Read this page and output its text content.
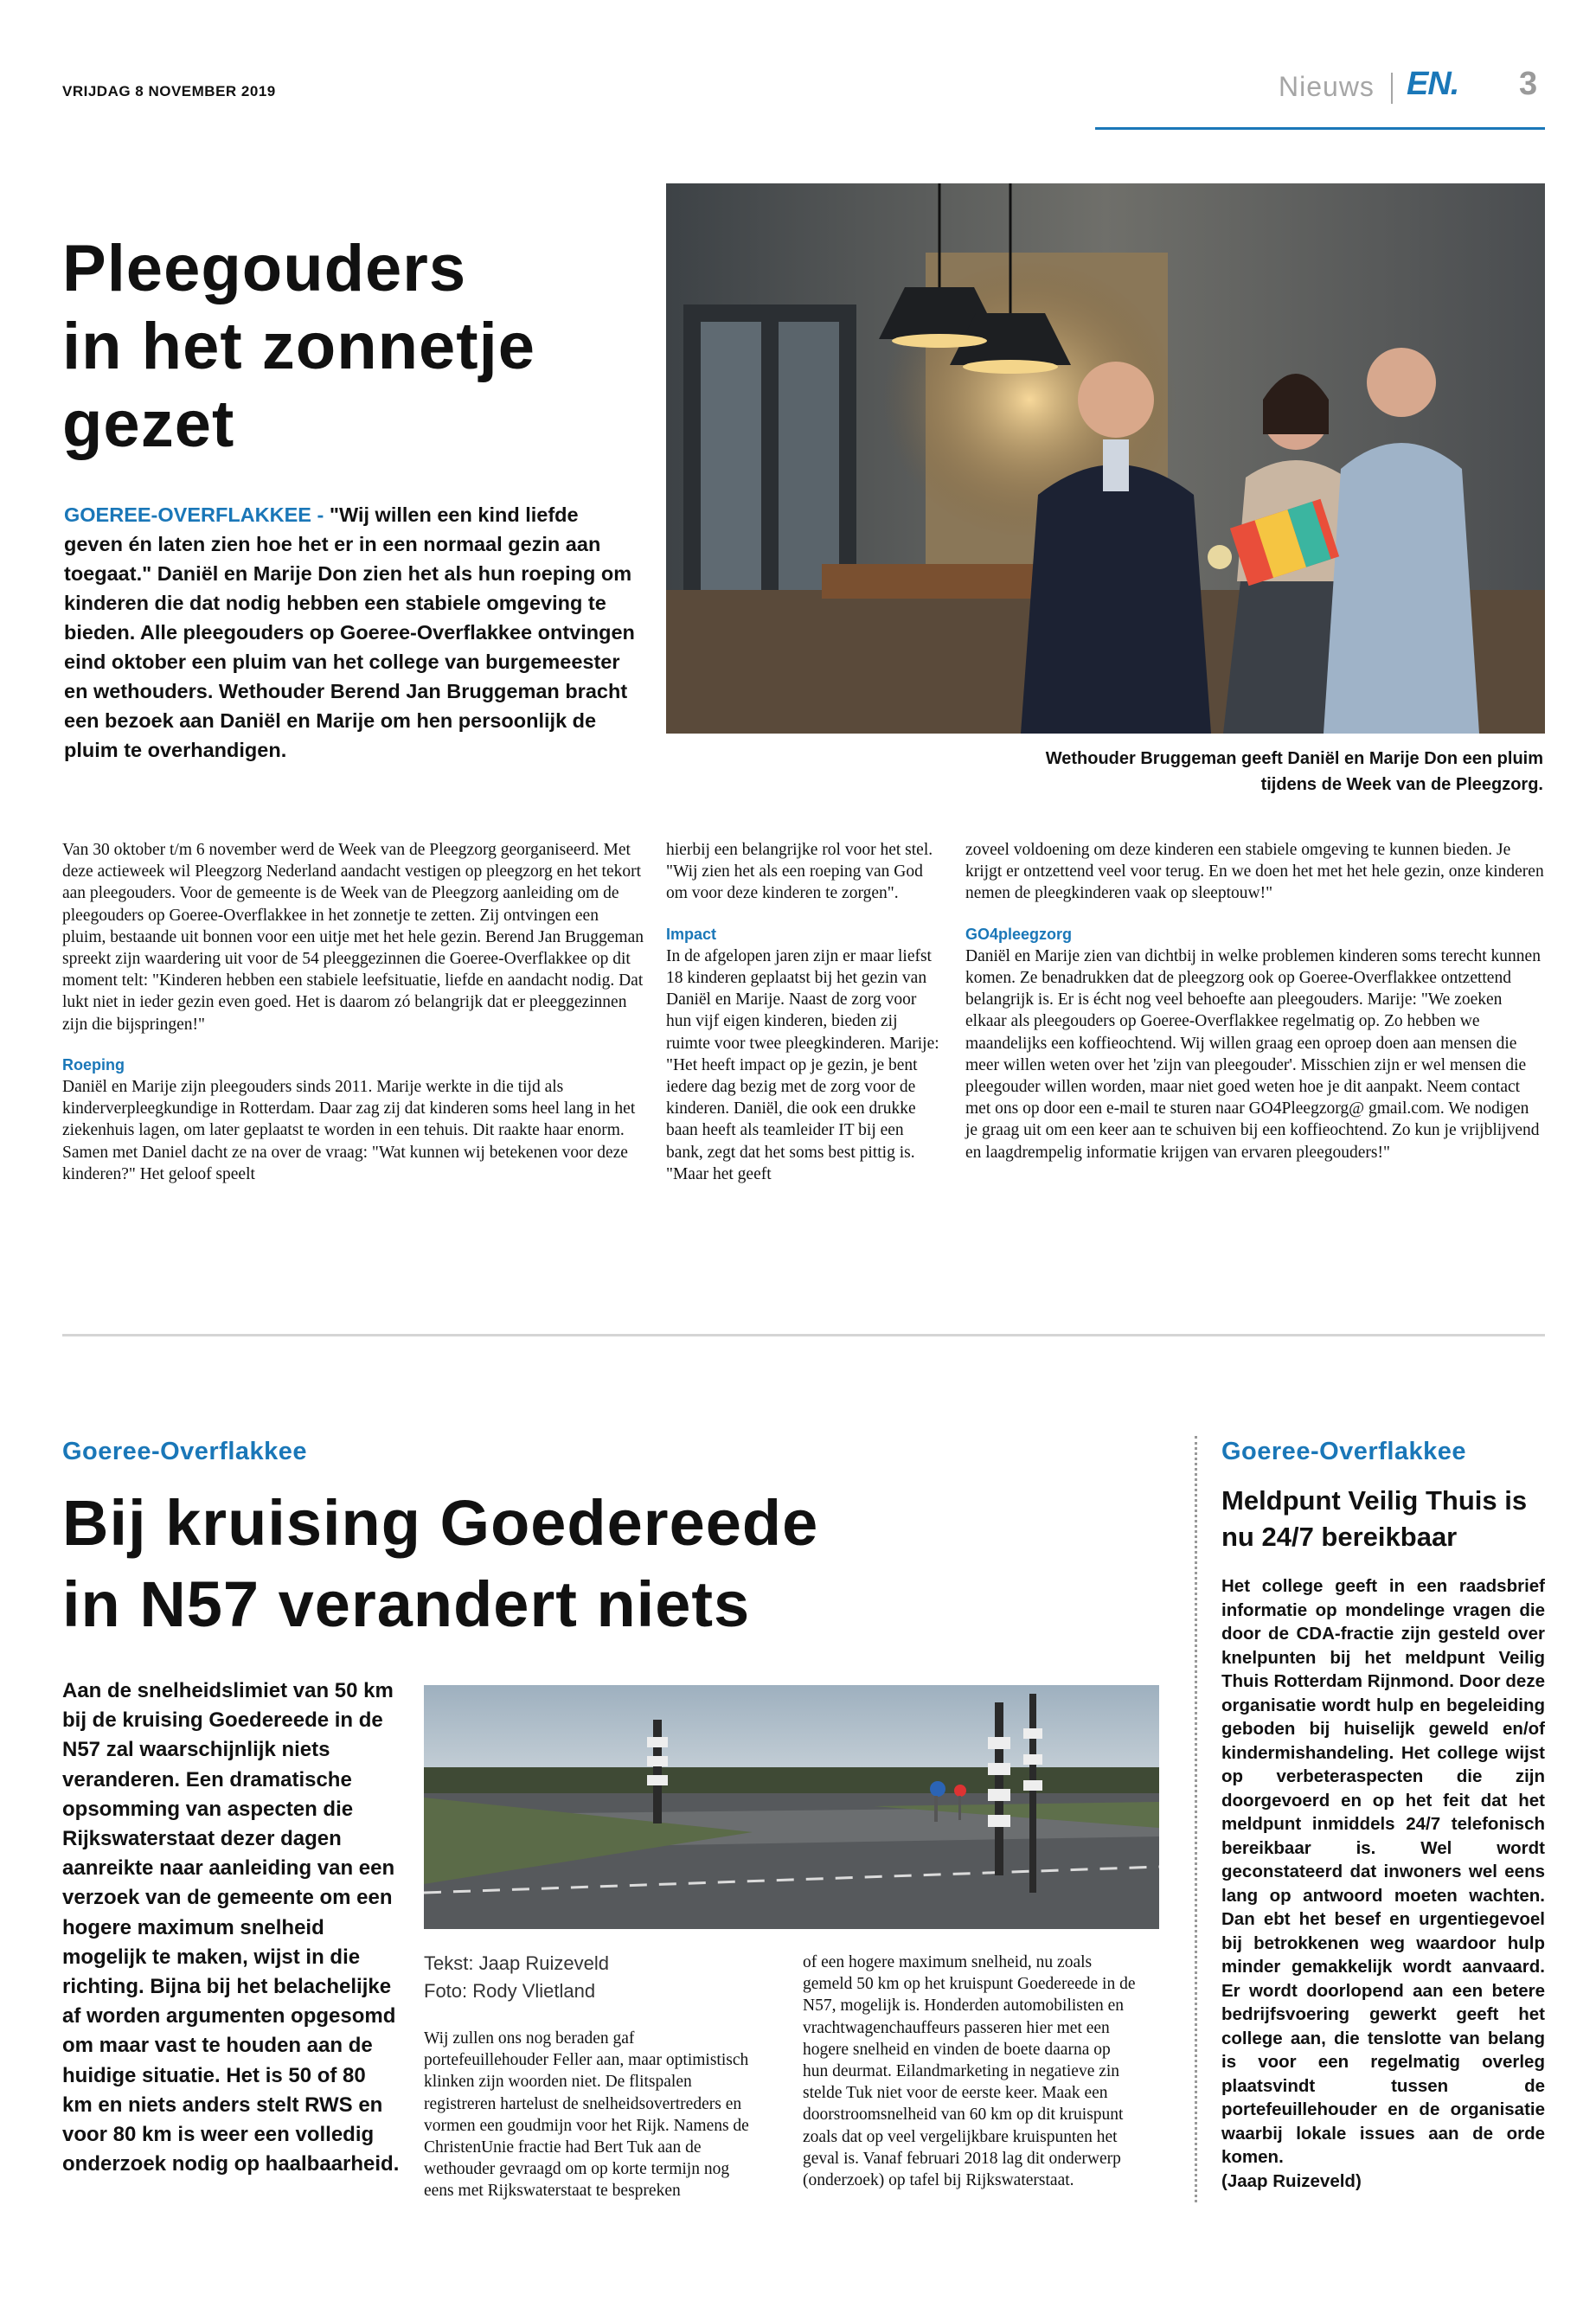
VRIJDAG 8 NOVEMBER 2019	Nieuws EN. 3
Pleegouders
in het zonnetje
gezet
GOEREE-OVERFLAKKEE - "Wij willen een kind liefde geven én laten zien hoe het er in een normaal gezin aan toegaat." Daniël en Marije Don zien het als hun roeping om kinderen die dat nodig hebben een stabiele omgeving te bieden. Alle pleegouders op Goeree-Overflakkee ontvingen eind oktober een pluim van het college van burgemeester en wethouders. Wethouder Berend Jan Bruggeman bracht een bezoek aan Daniël en Marije om hen persoonlijk de pluim te overhandigen.	Wethouder Bruggeman geeft Daniël en Marije Don een pluim tijdens de Week van de Pleegzorg.

Van 30 oktober t/m 6 november werd de Week van de Pleegzorg georganiseerd. Met deze actieweek wil Pleegzorg Nederland aandacht vestigen op pleegzorg en het tekort aan pleegouders. Voor de gemeente is de Week van de Pleegzorg aanleiding om de pleegouders op Goeree-Overflakkee in het zonnetje te zetten. Zij ontvingen een pluim, bestaande uit bonnen voor een uitje met het hele gezin. Berend Jan Bruggeman spreekt zijn waardering uit voor de 54 pleeggezinnen die Goeree-Overflakkee op dit moment telt: "Kinderen hebben een stabiele leefsituatie, liefde en aandacht nodig. Dat lukt niet in ieder gezin even goed. Het is daarom zó belangrijk dat er pleeggezinnen zijn die bijspringen!"

Roeping

Daniël en Marije zijn pleegouders sinds 2011. Marije werkte in die tijd als kinderverpleegkundige in Rotterdam. Daar zag zij dat kinderen soms heel lang in het ziekenhuis lagen, om later geplaatst te worden in een tehuis. Dit raakte haar enorm. Samen met Daniel dacht ze na over de vraag: "Wat kunnen wij betekenen voor deze kinderen?" Het geloof speelt

hierbij een belangrijke rol voor het stel. "Wij zien het als een roeping van God om voor deze kinderen te zorgen".

Impact

In de afgelopen jaren zijn er maar liefst 18 kinderen geplaatst bij het gezin van Daniël en Marije. Naast de zorg voor hun vijf eigen kinderen, bieden zij ruimte voor twee pleegkinderen. Marije: "Het heeft impact op je gezin, je bent iedere dag bezig met de zorg voor de kinderen. Daniël, die ook een drukke baan heeft als teamleider IT bij een bank, zegt dat het soms best pittig is. "Maar het geeft

zoveel voldoening om deze kinderen een stabiele omgeving te kunnen bieden. Je krijgt er ontzettend veel voor terug. En we doen het met het hele gezin, onze kinderen nemen de pleegkinderen vaak op sleeptouw!"

GO4pleegzorg

Daniël en Marije zien van dichtbij in welke problemen kinderen soms terecht kunnen komen. Ze benadrukken dat de pleegzorg ook op Goeree-Overflakkee ontzettend belangrijk is. Er is écht nog veel behoefte aan pleegouders. Marije: "We zoeken elkaar als pleegouders op Goeree-Overflakkee regelmatig op. Zo hebben we maandelijks een koffieochtend. Wij willen graag een oproep doen aan mensen die meer willen weten over het 'zijn van pleegouder'. Misschien zijn er wel mensen die pleegouder willen worden, maar niet goed weten hoe je dit aanpakt. Neem contact met ons op door een e-mail te sturen naar GO4Pleegzorg@ gmail.com. We nodigen je graag uit om een keer aan te schuiven bij een koffieochtend. Zo kun je vrijblijvend en laagdrempelig informatie krijgen van ervaren pleegouders!"

Goeree-Overflakkee
Bij kruising Goedereede
in N57 verandert niets
Aan de snelheidslimiet van 50 km bij de kruising Goedereede in de N57 zal waarschijnlijk niets veranderen. Een dramatische opsomming van aspecten die Rijkswaterstaat dezer dagen aanreikte naar aanleiding van een verzoek van de gemeente om een hogere maximum snelheid mogelijk te maken, wijst in die richting. Bijna bij het belachelijke af worden argumenten opgesomd om maar vast te houden aan de huidige situatie. Het is 50 of 80 km en niets anders stelt RWS en voor 80 km is weer een volledig onderzoek nodig op haalbaarheid.
Tekst: Jaap Ruizeveld
Foto: Rody Vlietland

Wij zullen ons nog beraden gaf portefeuillehouder Feller aan, maar optimistisch klinken zijn woorden niet. De flitspalen registreren hartelust de snelheidsovertreders en vormen een goudmijn voor het Rijk. Namens de ChristenUnie fractie had Bert Tuk aan de wethouder gevraagd om op korte termijn nog eens met Rijkswaterstaat te bespreken

of een hogere maximum snelheid, nu zoals gemeld 50 km op het kruispunt Goedereede in de N57, mogelijk is. Honderden automobilisten en vrachtwagenchauffeurs passeren hier met een hogere snelheid en vinden de boete daarna op hun deurmat. Eilandmarketing in negatieve zin stelde Tuk niet voor de eerste keer. Maak een doorstroomsnelheid van 60 km op dit kruispunt zoals dat op veel vergelijkbare kruispunten het geval is. Vanaf februari 2018 lag dit onderwerp (onderzoek) op tafel bij Rijkswaterstaat.

Goeree-Overflakkee
Meldpunt Veilig Thuis is nu 24/7 bereikbaar
Het college geeft in een raadsbrief informatie op mondelinge vragen die door de CDA-fractie zijn gesteld over knelpunten bij het meldpunt Veilig Thuis Rotterdam Rijnmond. Door deze organisatie wordt hulp en begeleiding geboden bij huiselijk geweld en/of kindermishandeling. Het college wijst op verbeteraspecten die zijn doorgevoerd en op het feit dat het meldpunt inmiddels 24/7 telefonisch bereikbaar is. Wel wordt geconstateerd dat inwoners wel eens lang op antwoord moeten wachten. Dan ebt het besef en urgentiegevoel bij betrokkenen weg waardoor hulp minder gemakkelijk wordt aanvaard. Er wordt doorlopend aan een betere bedrijfsvoering gewerkt geeft het college aan, die tenslotte van belang is voor een regelmatig overleg plaatsvindt tussen de portefeuillehouder en de organisatie waarbij lokale issues aan de orde komen.
(Jaap Ruizeveld)
